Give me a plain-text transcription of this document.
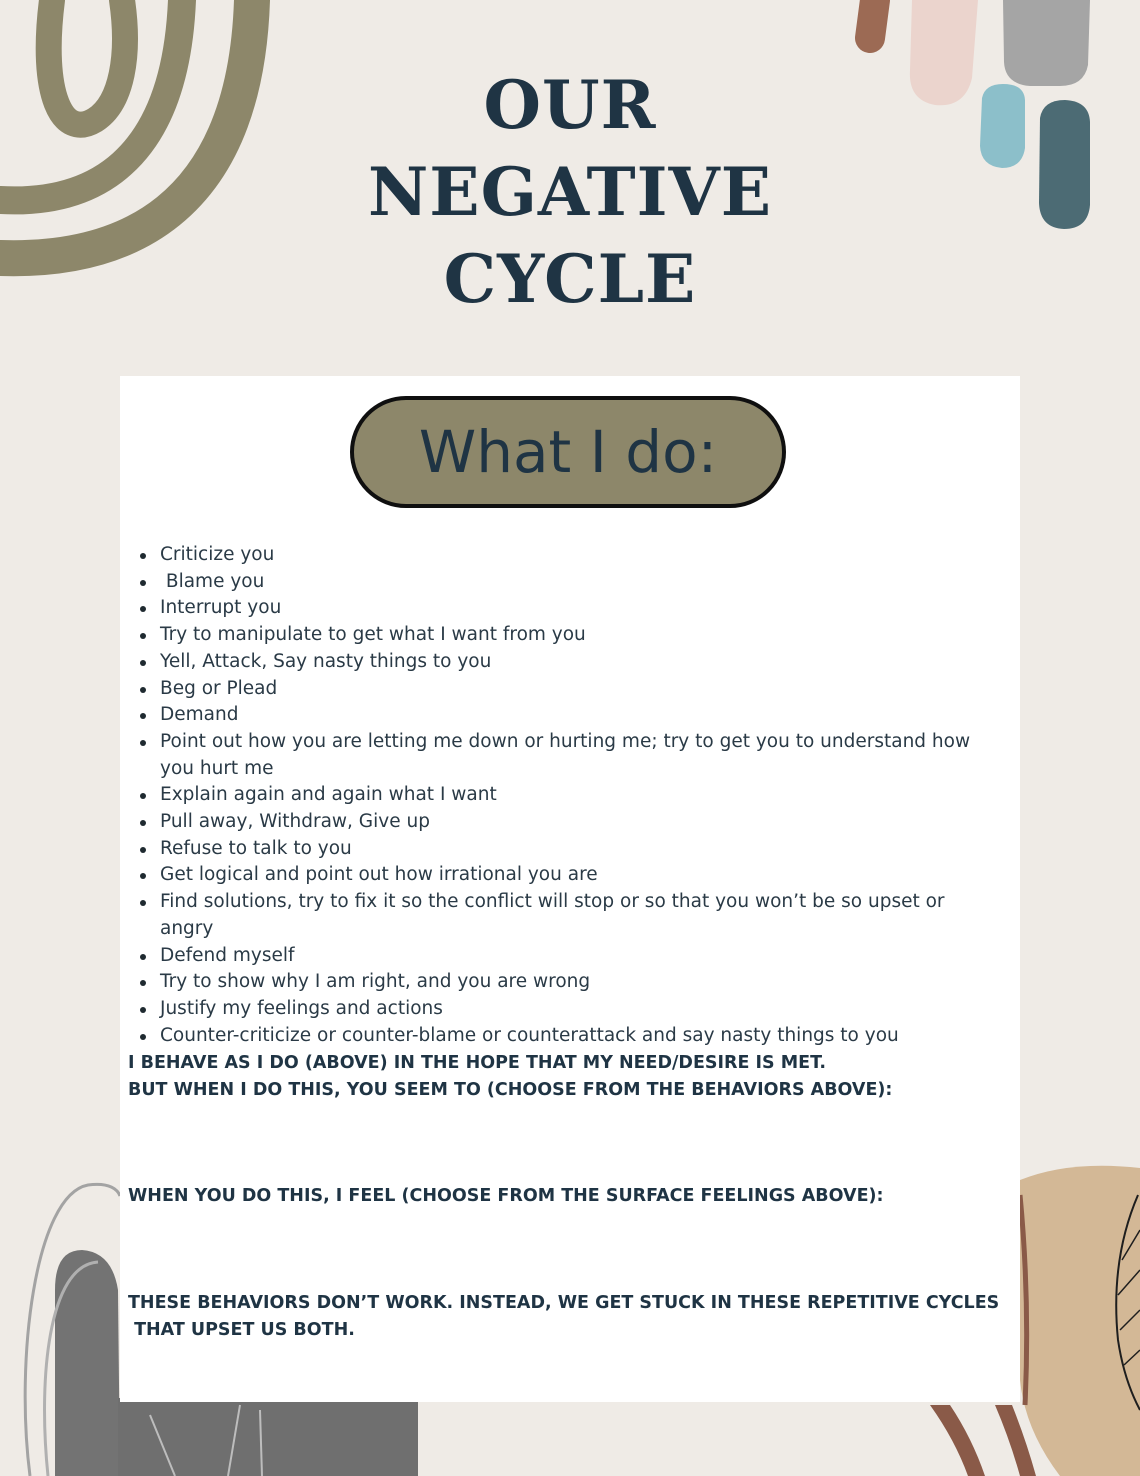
OUR
NEGATIVE
CYCLE
What I do:
Criticize you
Blame you
Interrupt you
Try to manipulate to get what I want from you
Yell, Attack, Say nasty things to you
Beg or Plead
Demand
Point out how you are letting me down or hurting me; try to get you to understand how you hurt me
Explain again and again what I want
Pull away, Withdraw, Give up
Refuse to talk to you
Get logical and point out how irrational you are
Find solutions, try to fix it so the conflict will stop or so that you won’t be so upset or angry
Defend myself
Try to show why I am right, and you are wrong
Justify my feelings and actions
Counter-criticize or counter-blame or counterattack and say nasty things to you

I BEHAVE AS I DO (ABOVE) IN THE HOPE THAT MY NEED/DESIRE IS MET.
BUT WHEN I DO THIS, YOU SEEM TO (CHOOSE FROM THE BEHAVIORS ABOVE):

WHEN YOU DO THIS, I FEEL (CHOOSE FROM THE SURFACE FEELINGS ABOVE):

THESE BEHAVIORS DON’T WORK. INSTEAD, WE GET STUCK IN THESE REPETITIVE CYCLES
THAT UPSET US BOTH.
